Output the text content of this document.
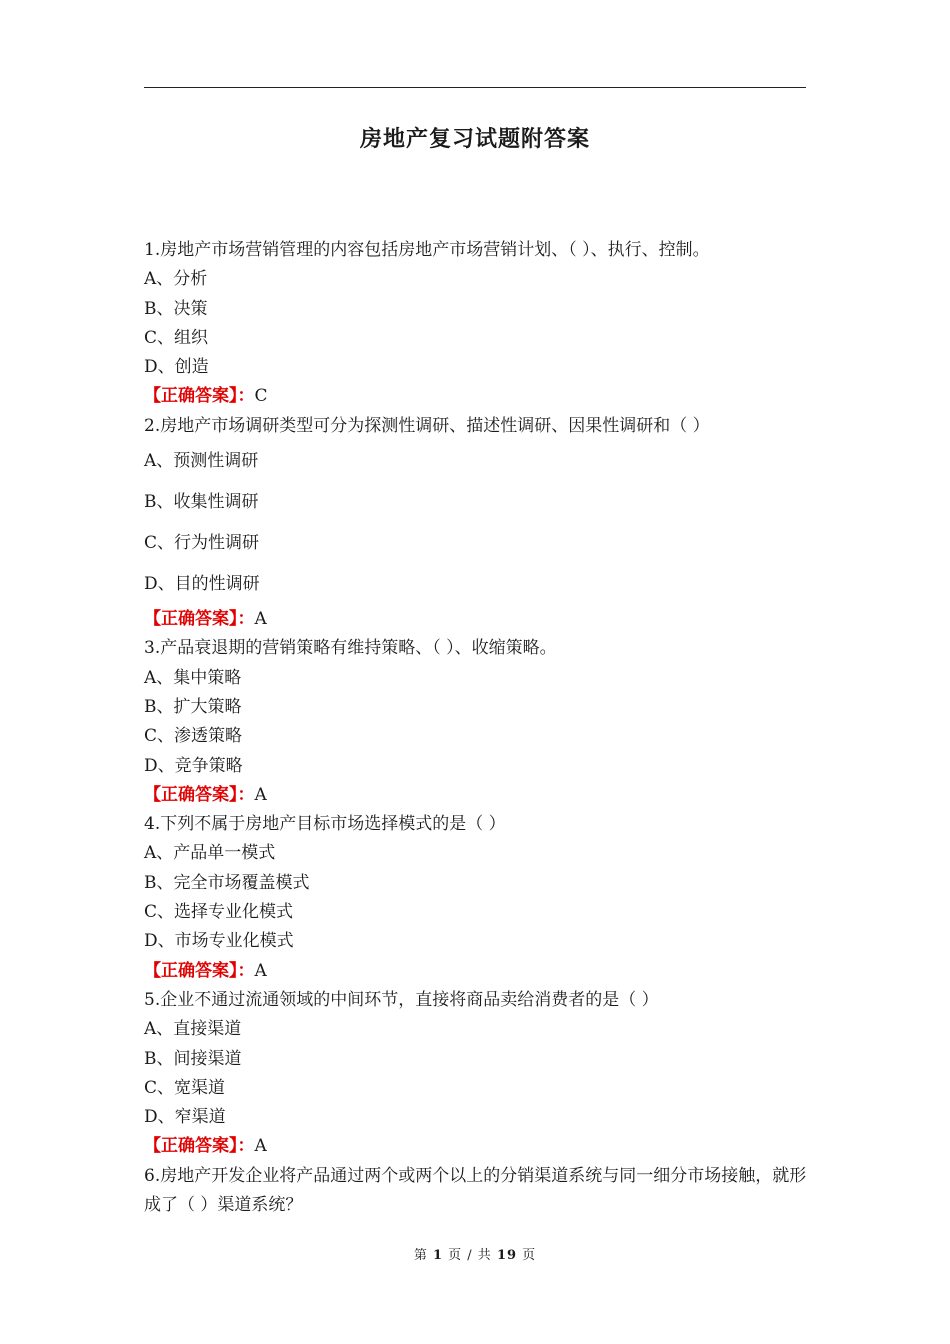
房地产复习试题附答案
1.房地产市场营销管理的内容包括房地产市场营销计划、（ ）、执行、控制。
A、分析
B、决策
C、组织
D、创造
【正确答案】：C
2.房地产市场调研类型可分为探测性调研、描述性调研、因果性调研和（ ）
A、预测性调研
B、收集性调研
C、行为性调研
D、目的性调研
【正确答案】：A
3.产品衰退期的营销策略有维持策略、（ ）、收缩策略。
A、集中策略
B、扩大策略
C、渗透策略
D、竞争策略
【正确答案】：A
4.下列不属于房地产目标市场选择模式的是（ ）
A、产品单一模式
B、完全市场覆盖模式
C、选择专业化模式
D、市场专业化模式
【正确答案】：A
5.企业不通过流通领域的中间环节，直接将商品卖给消费者的是（ ）
A、直接渠道
B、间接渠道
C、宽渠道
D、窄渠道
【正确答案】：A
6.房地产开发企业将产品通过两个或两个以上的分销渠道系统与同一细分市场接触，就形成了（ ）渠道系统？
第 1 页 / 共 19 页
